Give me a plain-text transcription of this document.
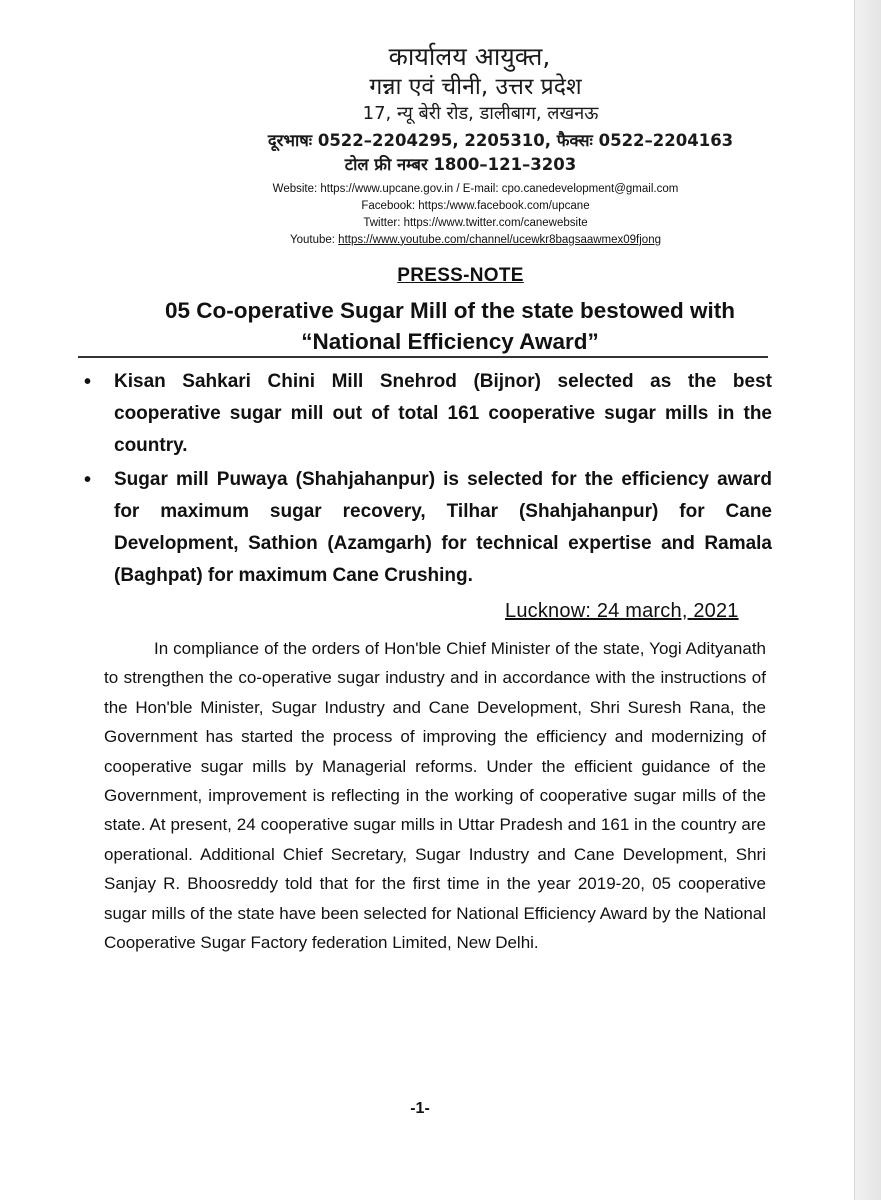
कार्यालय आयुक्त,
गन्ना एवं चीनी, उत्तर प्रदेश
17, न्यू बेरी रोड, डालीबाग, लखनऊ
दूरभाषः 0522–2204295, 2205310, फैक्सः 0522–2204163
टोल फ्री नम्बर 1800–121–3203
Website: https://www.upcane.gov.in / E-mail: cpo.canedevelopment@gmail.com
Facebook: https:/www.facebook.com/upcane
Twitter: https://www.twitter.com/canewebsite
Youtube: https://www.youtube.com/channel/ucewkr8bagsaawmex09fjong
PRESS-NOTE
05 Co-operative Sugar Mill of the state bestowed with
“National Efficiency Award”
• Kisan Sahkari Chini Mill Snehrod (Bijnor) selected as the best cooperative sugar mill out of total 161 cooperative sugar mills in the country.
• Sugar mill Puwaya (Shahjahanpur) is selected for the efficiency award for maximum sugar recovery, Tilhar (Shahjahanpur) for Cane Development, Sathion (Azamgarh) for technical expertise and Ramala (Baghpat) for maximum Cane Crushing.
Lucknow: 24 march, 2021

In compliance of the orders of Hon'ble Chief Minister of the state, Yogi Adityanath to strengthen the co-operative sugar industry and in accordance with the instructions of the Hon'ble Minister, Sugar Industry and Cane Development, Shri Suresh Rana, the Government has started the process of improving the efficiency and modernizing of cooperative sugar mills by Managerial reforms. Under the efficient guidance of the Government, improvement is reflecting in the working of cooperative sugar mills of the state. At present, 24 cooperative sugar mills in Uttar Pradesh and 161 in the country are operational. Additional Chief Secretary, Sugar Industry and Cane Development, Shri Sanjay R. Bhoosreddy told that for the first time in the year 2019-20, 05 cooperative sugar mills of the state have been selected for National Efficiency Award by the National Cooperative Sugar Factory federation Limited, New Delhi.

-1-
